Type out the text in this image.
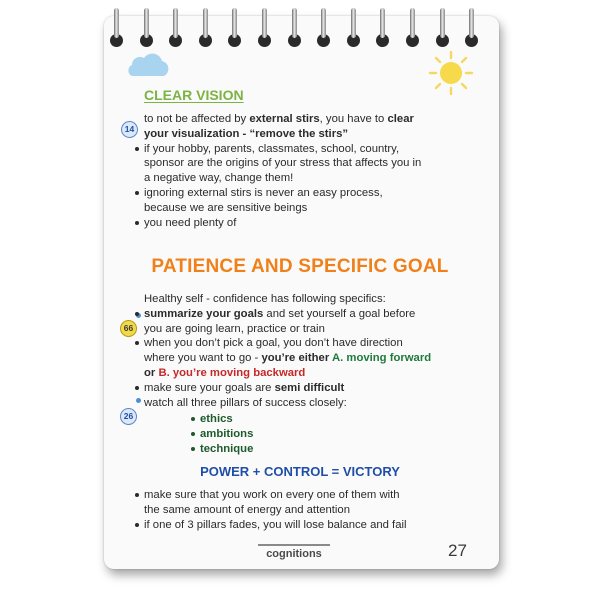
CLEAR VISION
14
to not be affected by external stirs, you have to clear
your visualization - “remove the stirs”
if your hobby, parents, classmates, school, country,
sponsor are the origins of your stress that affects you in
a negative way, change them!
ignoring external stirs is never an easy process,
because we are sensitive beings
you need plenty of
PATIENCE AND SPECIFIC GOAL
66
26
Healthy self - confidence has following specifics:
summarize your goals and set yourself a goal before
you are going learn, practice or train
when you don’t pick a goal, you don’t have direction
where you want to go - you’re either A. moving forward
or B. you’re moving backward
make sure your goals are semi difficult
watch all three pillars of success closely:
ethics
ambitions
technique
POWER + CONTROL = VICTORY
make sure that you work on every one of them with
the same amount of energy and attention
if one of 3 pillars fades, you will lose balance and fail
cognitions	27
